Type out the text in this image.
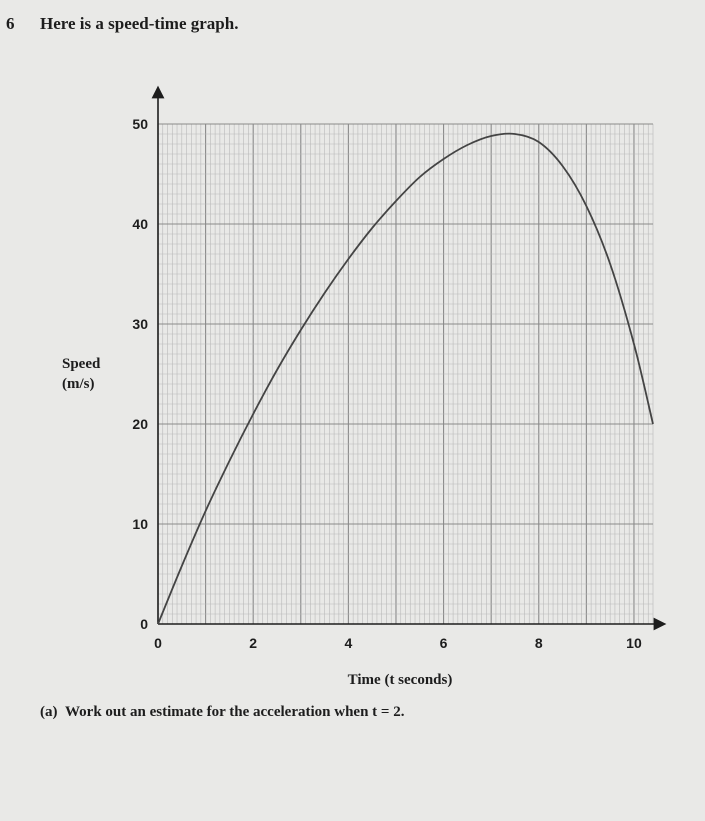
6 Here is a speed-time graph.
0	2	4	6	8	10
0
10
20
30
40
50
Time (t seconds)
Speed
(m/s)
(a) Work out an estimate for the acceleration when t = 2.
